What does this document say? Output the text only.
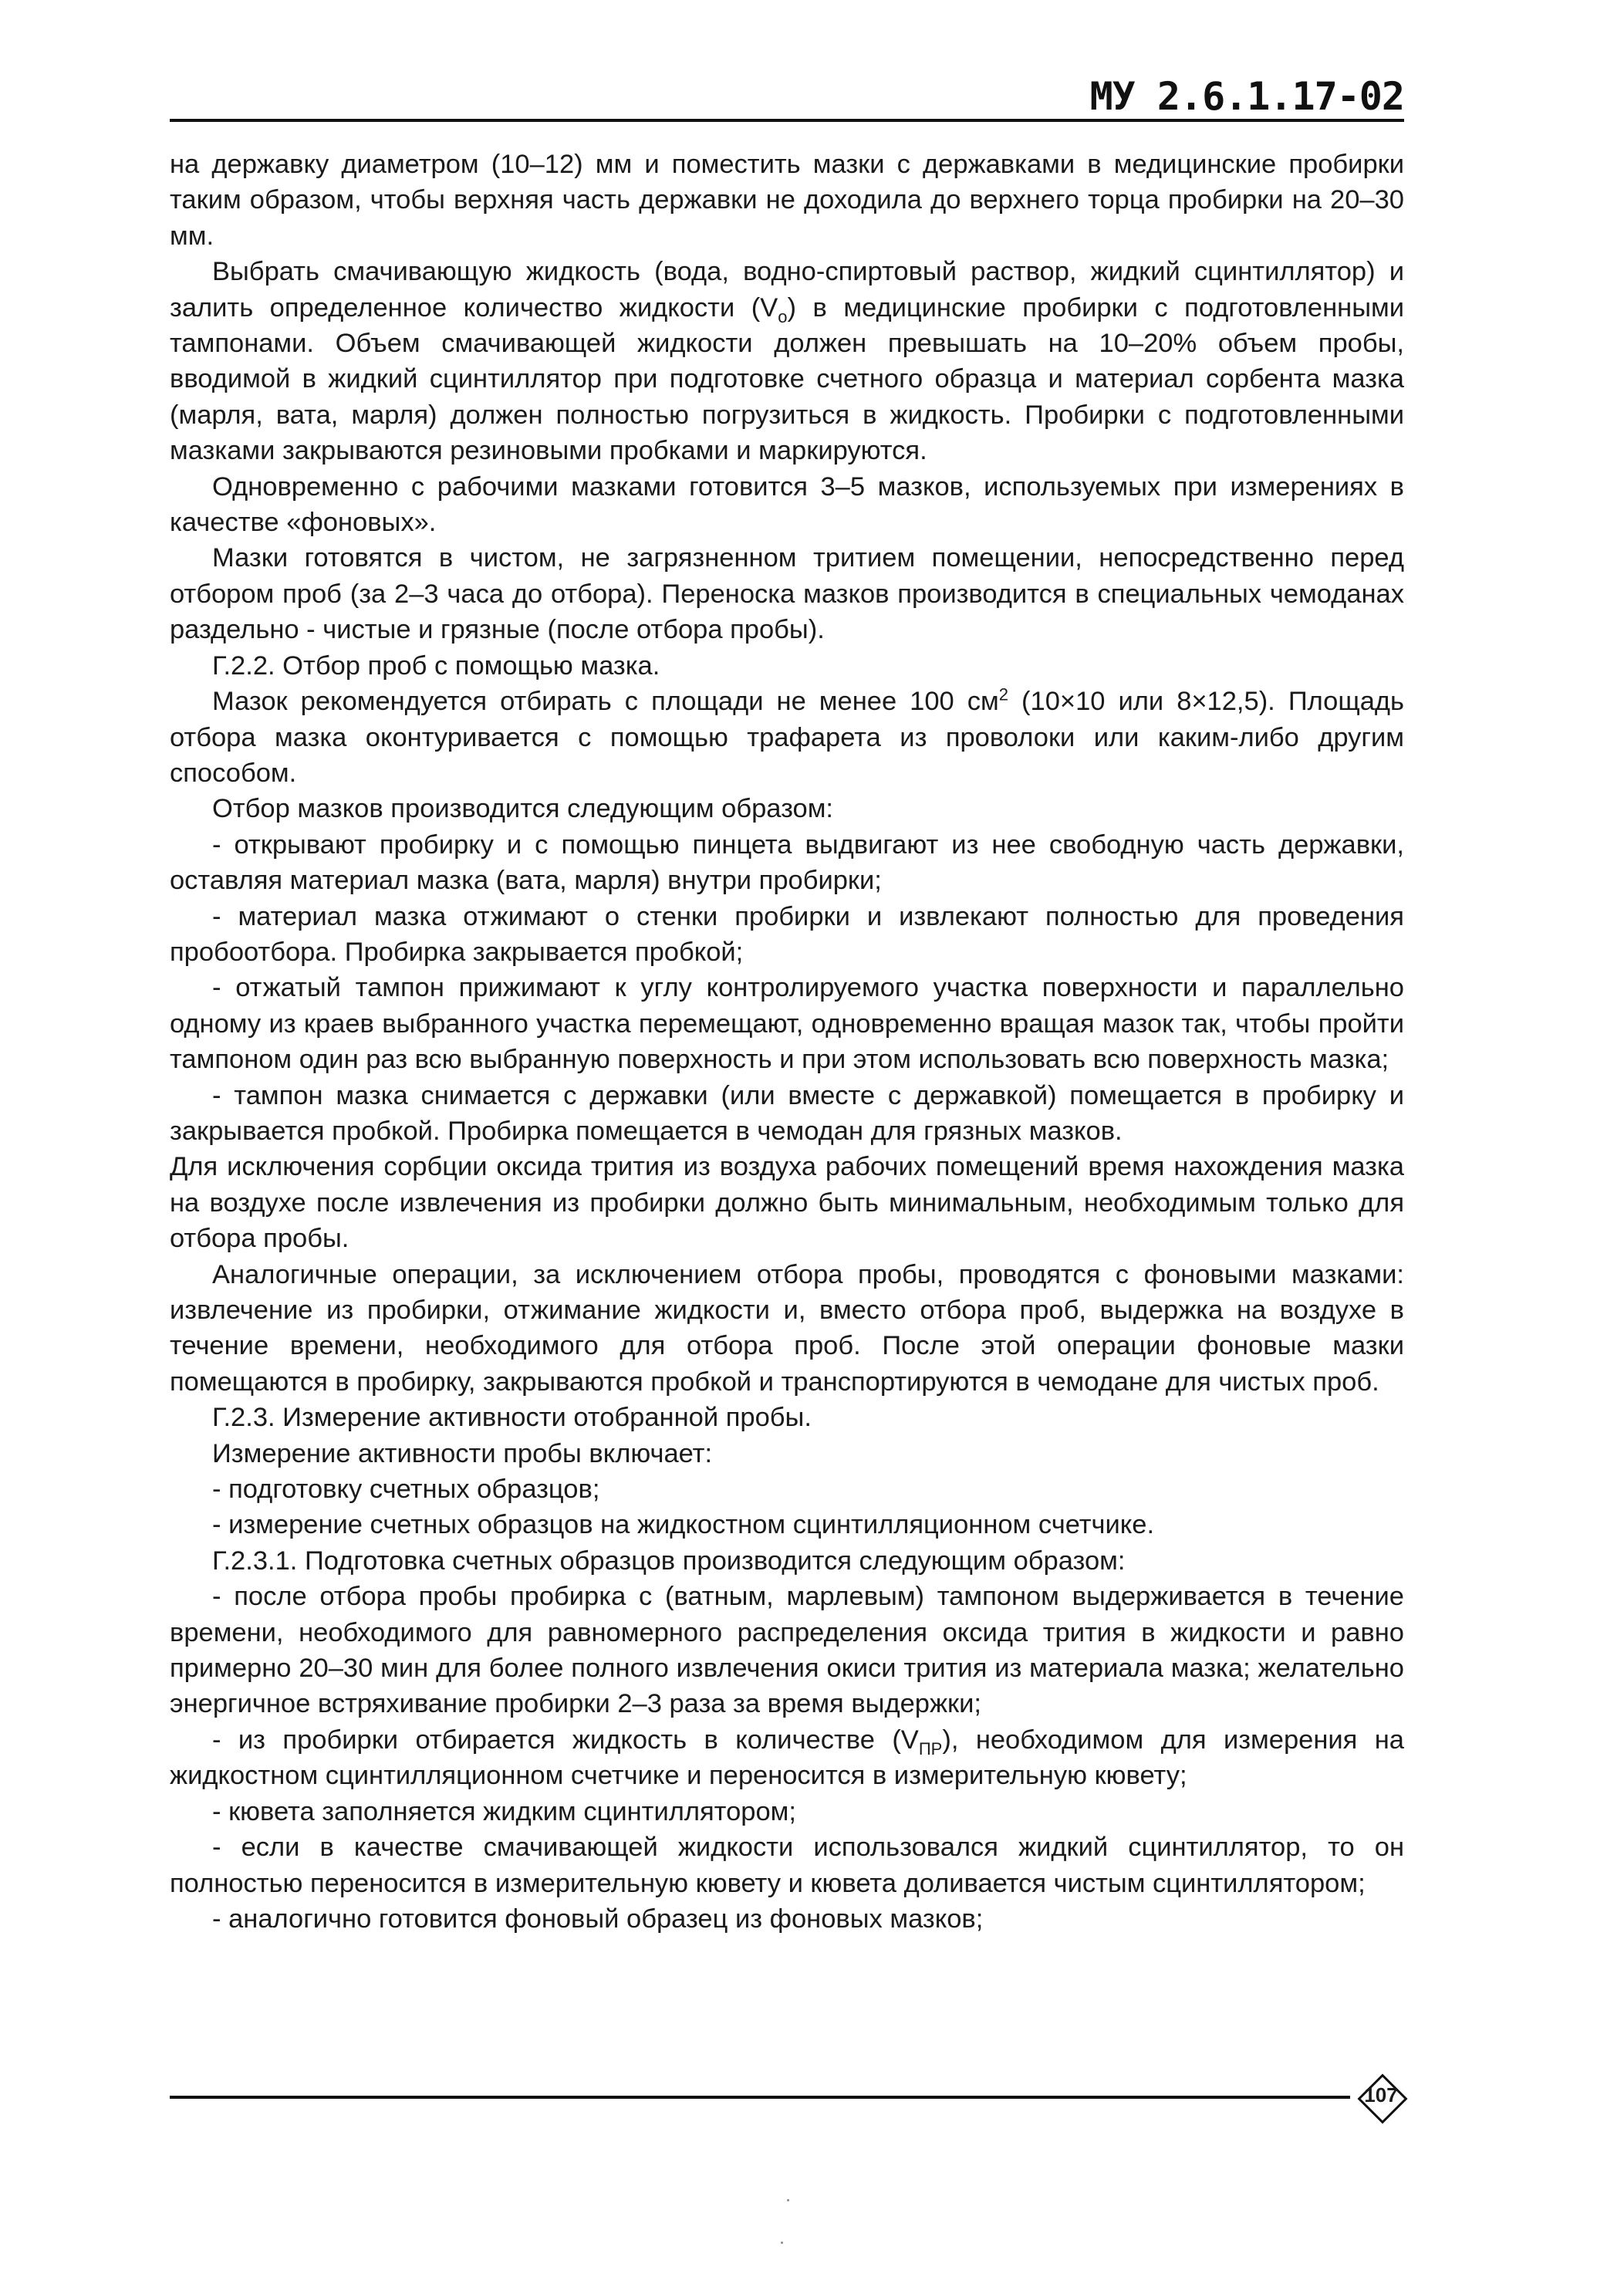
МУ 2.6.1.17-02

на державку диаметром (10–12) мм и поместить мазки с державками в медицинские пробирки таким образом, чтобы верхняя часть державки не доходила до верхнего торца пробирки на 20–30 мм.

Выбрать смачивающую жидкость (вода, водно-спиртовый раствор, жидкий сцинтиллятор) и залить определенное количество жидкости $(V_о)$ в медицинские пробирки с подготовленными тампонами. Объем смачивающей жидкости должен превышать на 10–20% объем пробы, вводимой в жидкий сцинтиллятор при подготовке счетного образца и материал сорбента мазка (марля, вата, марля) должен полностью погрузиться в жидкость. Пробирки с подготовленными мазками закрываются резиновыми пробками и маркируются.

Одновременно с рабочими мазками готовится 3–5 мазков, используемых при измерениях в качестве «фоновых».

Мазки готовятся в чистом, не загрязненном тритием помещении, непосредственно перед отбором проб (за 2–3 часа до отбора). Переноска мазков производится в специальных чемоданах раздельно - чистые и грязные (после отбора пробы).

Г.2.2. Отбор проб с помощью мазка.

Мазок рекомендуется отбирать с площади не менее 100 $см^2$ (10×10 или 8×12,5). Площадь отбора мазка оконтуривается с помощью трафарета из проволоки или каким-либо другим способом.

Отбор мазков производится следующим образом:

- открывают пробирку и с помощью пинцета выдвигают из нее свободную часть державки, оставляя материал мазка (вата, марля) внутри пробирки;

- материал мазка отжимают о стенки пробирки и извлекают полностью для проведения пробоотбора. Пробирка закрывается пробкой;

- отжатый тампон прижимают к углу контролируемого участка поверхности и параллельно одному из краев выбранного участка перемещают, одновременно вращая мазок так, чтобы пройти тампоном один раз всю выбранную поверхность и при этом использовать всю поверхность мазка;

- тампон мазка снимается с державки (или вместе с державкой) помещается в пробирку и закрывается пробкой. Пробирка помещается в чемодан для грязных мазков.

Для исключения сорбции оксида трития из воздуха рабочих помещений время нахождения мазка на воздухе после извлечения из пробирки должно быть минимальным, необходимым только для отбора пробы.

Аналогичные операции, за исключением отбора пробы, проводятся с фоновыми мазками: извлечение из пробирки, отжимание жидкости и, вместо отбора проб, выдержка на воздухе в течение времени, необходимого для отбора проб. После этой операции фоновые мазки помещаются в пробирку, закрываются пробкой и транспортируются в чемодане для чистых проб.

Г.2.3. Измерение активности отобранной пробы.

Измерение активности пробы включает:

- подготовку счетных образцов;

- измерение счетных образцов на жидкостном сцинтилляционном счетчике.

Г.2.3.1. Подготовка счетных образцов производится следующим образом:

- после отбора пробы пробирка с (ватным, марлевым) тампоном выдерживается в течение времени, необходимого для равномерного распределения оксида трития в жидкости и равно примерно 20–30 мин для более полного извлечения окиси трития из материала мазка; желательно энергичное встряхивание пробирки 2–3 раза за время выдержки;

- из пробирки отбирается жидкость в количестве $(V_{ПР})$, необходимом для измерения на жидкостном сцинтилляционном счетчике и переносится в измерительную кювету;

- кювета заполняется жидким сцинтиллятором;

- если в качестве смачивающей жидкости использовался жидкий сцинтиллятор, то он полностью переносится в измерительную кювету и кювета доливается чистым сцинтиллятором;

- аналогично готовится фоновый образец из фоновых мазков;

107
